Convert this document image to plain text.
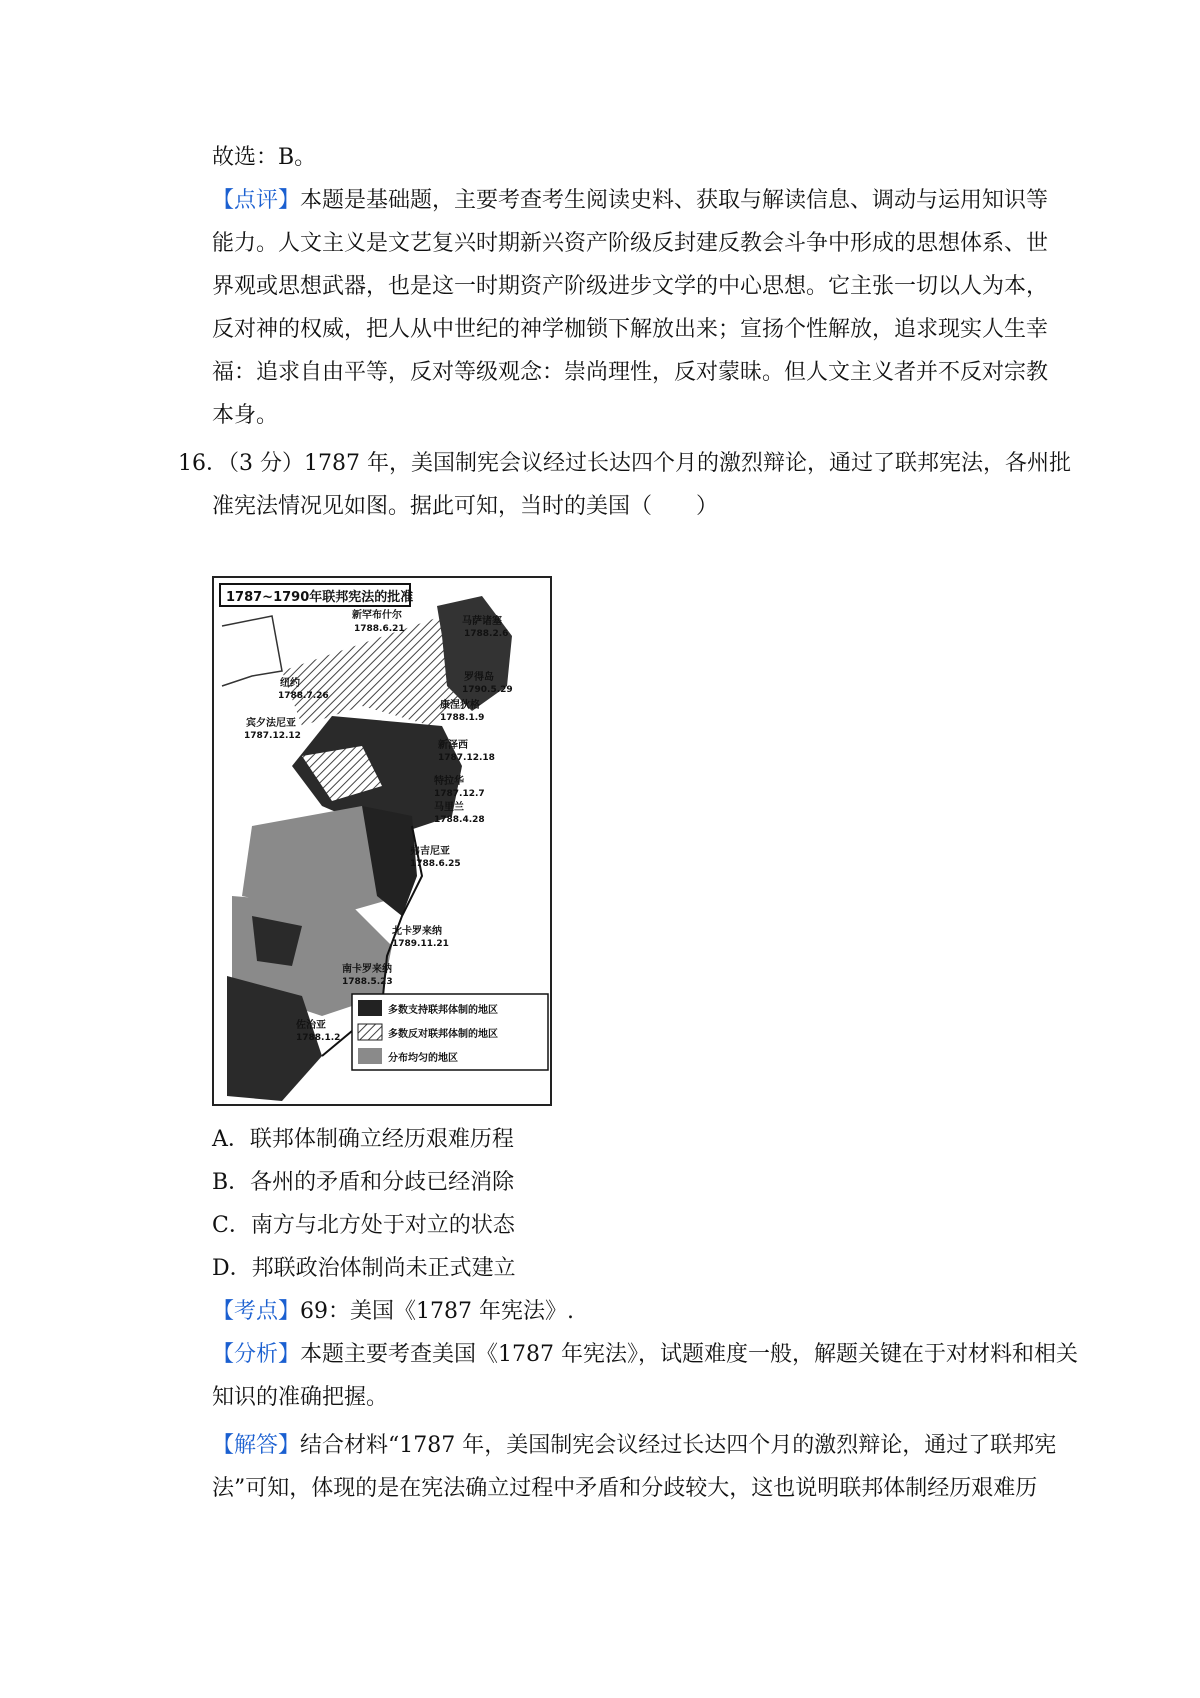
故选：B。
【点评】本题是基础题，主要考查考生阅读史料、获取与解读信息、调动与运用知识等
能力。人文主义是文艺复兴时期新兴资产阶级反封建反教会斗争中形成的思想体系、世
界观或思想武器，也是这一时期资产阶级进步文学的中心思想。它主张一切以人为本，
反对神的权威，把人从中世纪的神学枷锁下解放出来；宣扬个性解放，追求现实人生幸
福：追求自由平等，反对等级观念：崇尚理性，反对蒙昧。但人文主义者并不反对宗教
本身。
16．（3 分）1787 年，美国制宪会议经过长达四个月的激烈辩论，通过了联邦宪法，各州批
准宪法情况见如图。据此可知，当时的美国（　　）
1787~1790年联邦宪法的批准
新罕布什尔
1788.6.21
马萨诸塞
1788.2.6
纽约
1788.7.26
罗得岛
1790.5.29
宾夕法尼亚
1787.12.12
康涅狄格
1788.1.9
新泽西
1787.12.18
特拉华
1787.12.7
马里兰
1788.4.28
弗吉尼亚
1788.6.25
北卡罗来纳
1789.11.21
南卡罗来纳
1788.5.23
佐治亚
1788.1.2
多数支持联邦体制的地区
多数反对联邦体制的地区
分布均匀的地区
A．联邦体制确立经历艰难历程
B．各州的矛盾和分歧已经消除
C．南方与北方处于对立的状态
D．邦联政治体制尚未正式建立
【考点】69：美国《1787 年宪法》.
【分析】本题主要考查美国《1787 年宪法》，试题难度一般，解题关键在于对材料和相关
知识的准确把握。
【解答】结合材料“1787 年，美国制宪会议经过长达四个月的激烈辩论，通过了联邦宪
法”可知，体现的是在宪法确立过程中矛盾和分歧较大，这也说明联邦体制经历艰难历
